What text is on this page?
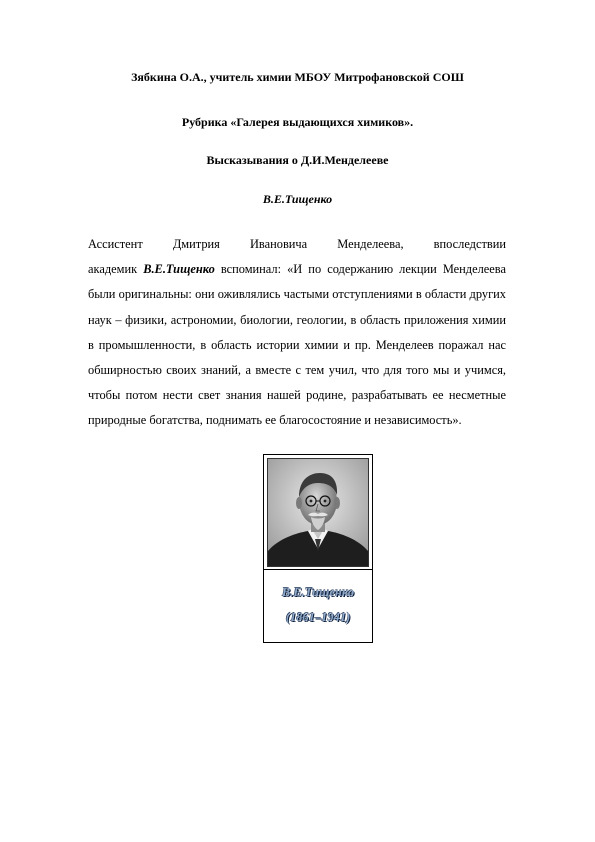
Зябкина О.А., учитель химии МБОУ Митрофановской СОШ
Рубрика «Галерея выдающихся химиков».
Высказывания о Д.И.Менделееве
В.Е.Тищенко
Ассистент Дмитрия Ивановича Менделеева, впоследствии
академик В.Е.Тищенко вспоминал: «И по содержанию лекции Менделеева
были оригинальны: они оживлялись частыми отступлениями в области других
наук – физики, астрономии, биологии, геологии, в область приложения химии
в промышленности, в область истории химии и пр. Менделеев поражал нас
обширностью своих знаний, а вместе с тем учил, что для того мы и учимся,
чтобы потом нести свет знания нашей родине, разрабатывать ее несметные
природные богатства, поднимать ее благосостояние и независимость».
В.Е.Тищенко
(1861–1941)
